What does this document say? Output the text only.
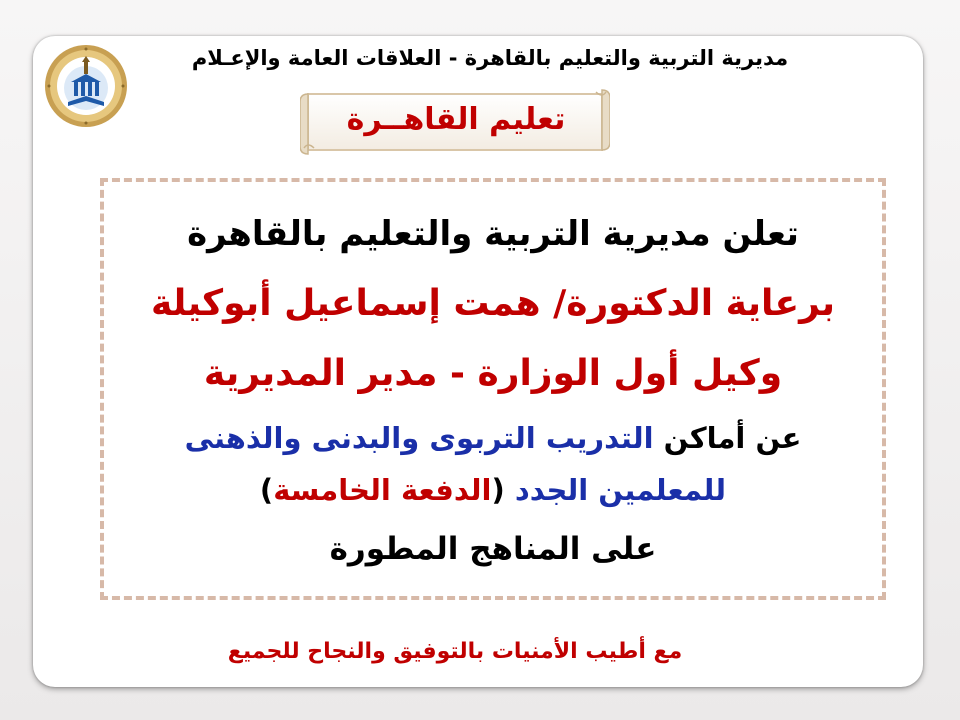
مديرية التربية والتعليم بالقاهرة - العلاقات العامة والإعـلام
تعليم القاهــرة
تعلن مديرية التربية والتعليم بالقاهرة
برعاية الدكتورة/ همت إسماعيل أبوكيلة
وكيل أول الوزارة - مدير المديرية
عن أماكن التدريب التربوى والبدنى والذهنى
للمعلمين الجدد (الدفعة الخامسة)
على المناهج المطورة
مع أطيب الأمنيات بالتوفيق والنجاح للجميع
